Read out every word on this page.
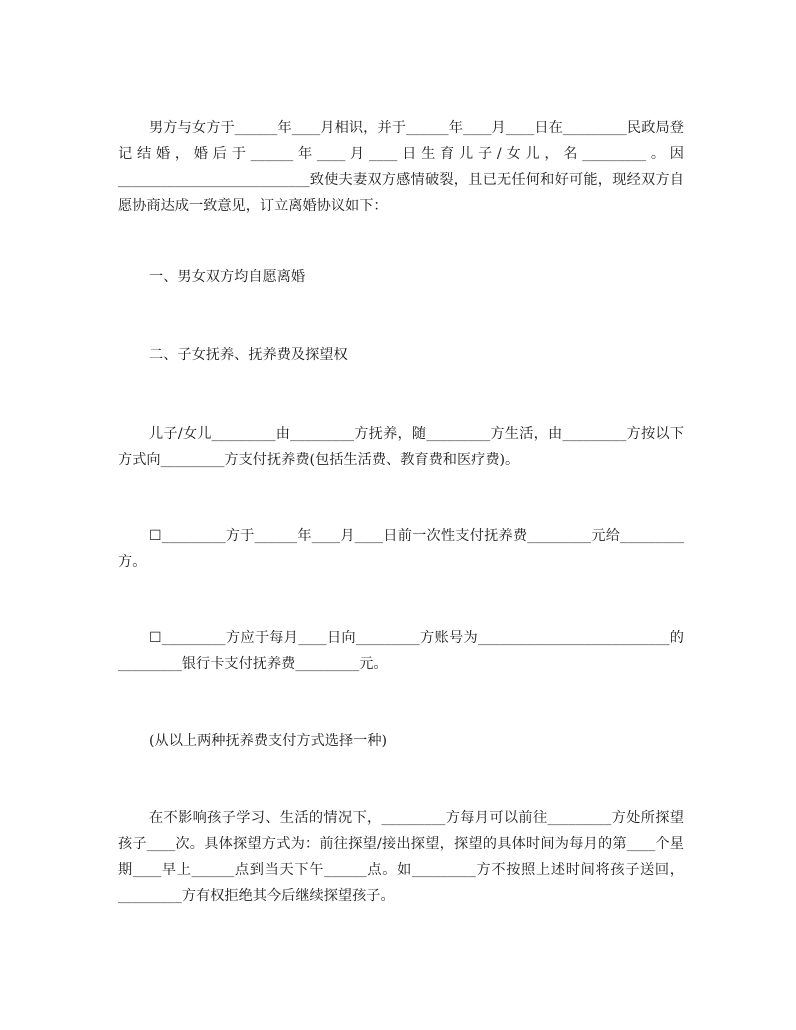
男方与女方于______年____月相识，并于______年____月____日在_________民政局登记结婚，婚后于______年____月____日生育儿子/女儿，名_________。因___________________________致使夫妻双方感情破裂，且已无任何和好可能，现经双方自愿协商达成一致意见，订立离婚协议如下：

一、男女双方均自愿离婚

二、子女抚养、抚养费及探望权

儿子/女儿_________由_________方抚养，随_________方生活，由_________方按以下方式向_________方支付抚养费(包括生活费、教育费和医疗费)。

☐_________方于______年____月____日前一次性支付抚养费_________元给_________方。

☐_________方应于每月____日向_________方账号为___________________________的_________银行卡支付抚养费_________元。

(从以上两种抚养费支付方式选择一种)

在不影响孩子学习、生活的情况下，_________方每月可以前往_________方处所探望孩子____次。具体探望方式为：前往探望/接出探望，探望的具体时间为每月的第____个星期____早上______点到当天下午______点。如_________方不按照上述时间将孩子送回，_________方有权拒绝其今后继续探望孩子。
